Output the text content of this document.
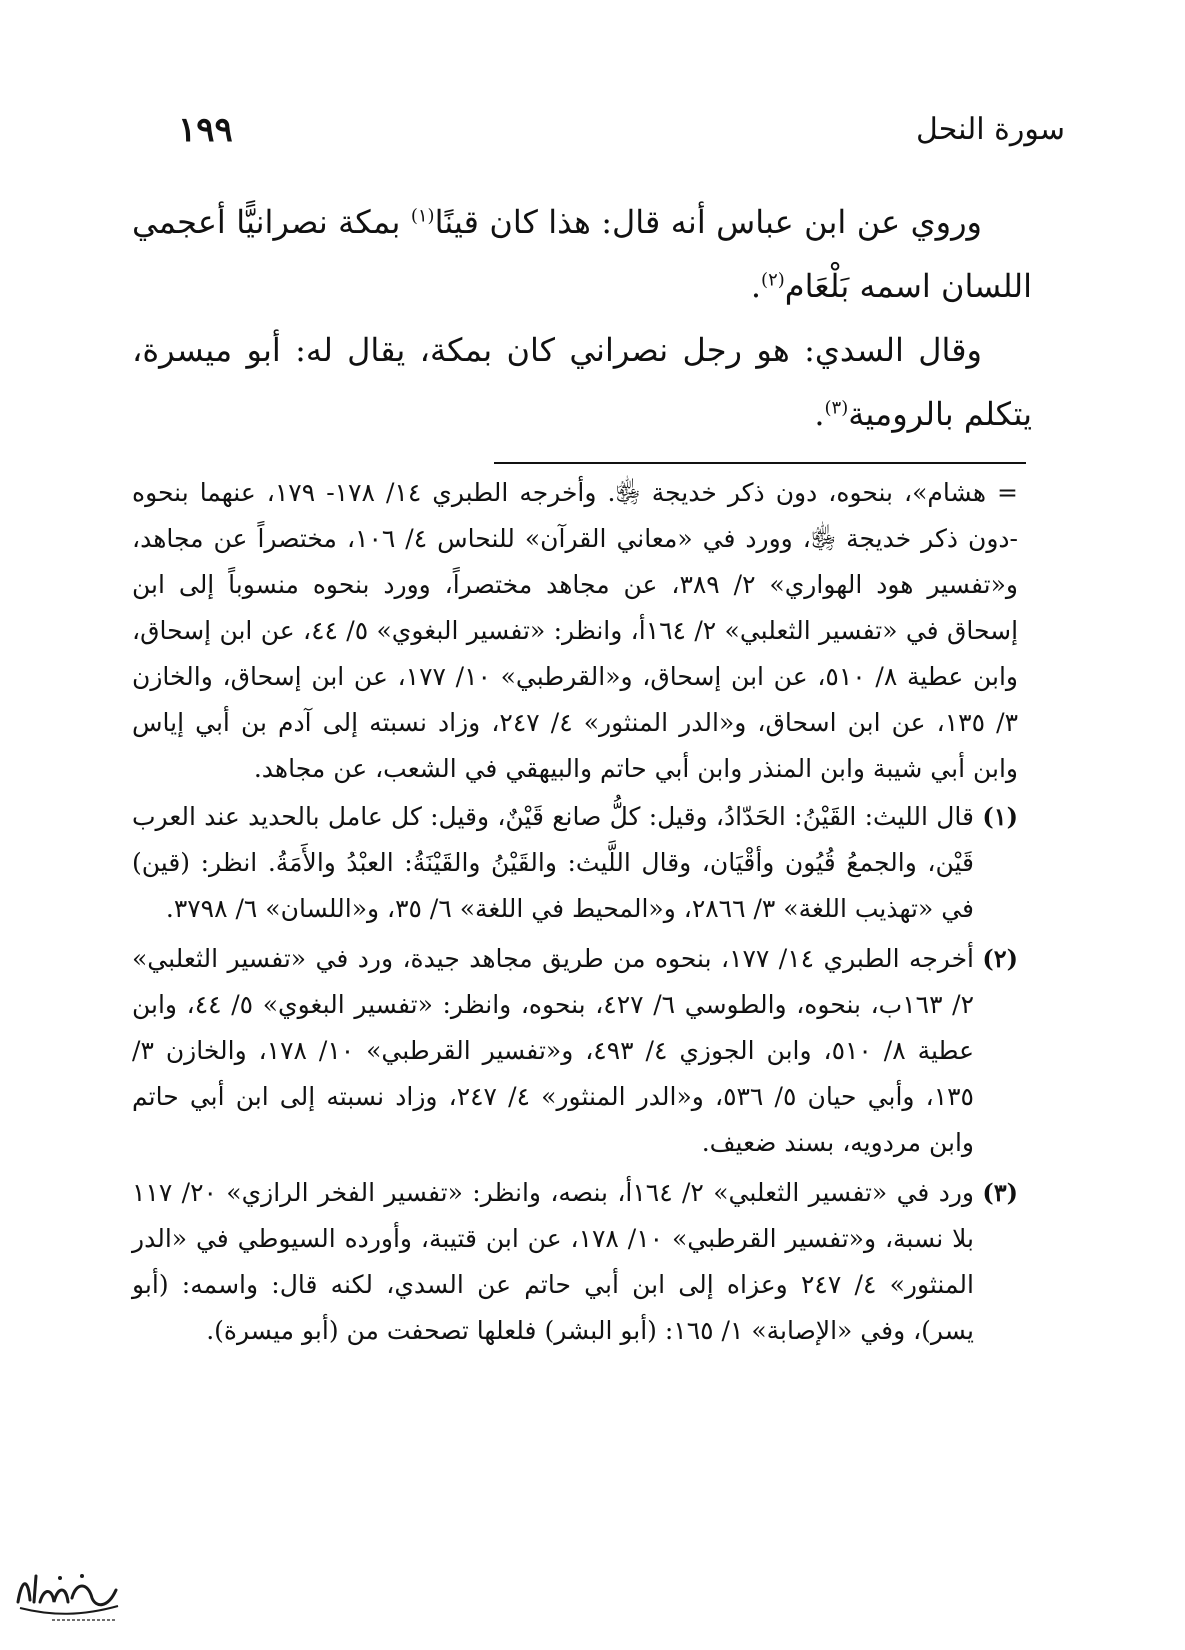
١٩٩	سورة النحل

وروي عن ابن عباس أنه قال: هذا كان قينًا$^{(١)}$ بمكة نصرانيًّا أعجمي اللسان اسمه بَلْعَام$^{(٢)}$.

وقال السدي: هو رجل نصراني كان بمكة، يقال له: أبو ميسرة، يتكلم بالرومية$^{(٣)}$.

= هشام»، بنحوه، دون ذكر خديجة ﵂. وأخرجه الطبري ١٤/ ١٧٨- ١٧٩، عنهما بنحوه -دون ذكر خديجة ﵂، وورد في «معاني القرآن» للنحاس ٤/ ١٠٦، مختصراً عن مجاهد، و«تفسير هود الهواري» ٢/ ٣٨٩، عن مجاهد مختصراً، وورد بنحوه منسوباً إلى ابن إسحاق في «تفسير الثعلبي» ٢/ ١٦٤أ، وانظر: «تفسير البغوي» ٥/ ٤٤، عن ابن إسحاق، وابن عطية ٨/ ٥١٠، عن ابن إسحاق، و«القرطبي» ١٠/ ١٧٧، عن ابن إسحاق، والخازن ٣/ ١٣٥، عن ابن اسحاق، و«الدر المنثور» ٤/ ٢٤٧، وزاد نسبته إلى آدم بن أبي إياس وابن أبي شيبة وابن المنذر وابن أبي حاتم والبيهقي في الشعب، عن مجاهد.

(١)
قال الليث: القَيْنُ: الحَدّادُ، وقيل: كلُّ صانع قَيْنٌ، وقيل: كل عامل بالحديد عند العرب قَيْن، والجمعُ قُيُون وأقْيَان، وقال اللَّيث: والقَيْنُ والقَيْنَةُ: العبْدُ والأَمَةُ. انظر: (قين) في «تهذيب اللغة» ٣/ ٢٨٦٦، و«المحيط في اللغة» ٦/ ٣٥، و«اللسان» ٦/ ٣٧٩٨.
(٢)
أخرجه الطبري ١٤/ ١٧٧، بنحوه من طريق مجاهد جيدة، ورد في «تفسير الثعلبي» ٢/ ١٦٣ب، بنحوه، والطوسي ٦/ ٤٢٧، بنحوه، وانظر: «تفسير البغوي» ٥/ ٤٤، وابن عطية ٨/ ٥١٠، وابن الجوزي ٤/ ٤٩٣، و«تفسير القرطبي» ١٠/ ١٧٨، والخازن ٣/ ١٣٥، وأبي حيان ٥/ ٥٣٦، و«الدر المنثور» ٤/ ٢٤٧، وزاد نسبته إلى ابن أبي حاتم وابن مردويه، بسند ضعيف.
(٣)
ورد في «تفسير الثعلبي» ٢/ ١٦٤أ، بنصه، وانظر: «تفسير الفخر الرازي» ٢٠/ ١١٧ بلا نسبة، و«تفسير القرطبي» ١٠/ ١٧٨، عن ابن قتيبة، وأورده السيوطي في «الدر المنثور» ٤/ ٢٤٧ وعزاه إلى ابن أبي حاتم عن السدي، لكنه قال: واسمه: (أبو يسر)، وفي «الإصابة» ١/ ١٦٥: (أبو البشر) فلعلها تصحفت من (أبو ميسرة).
